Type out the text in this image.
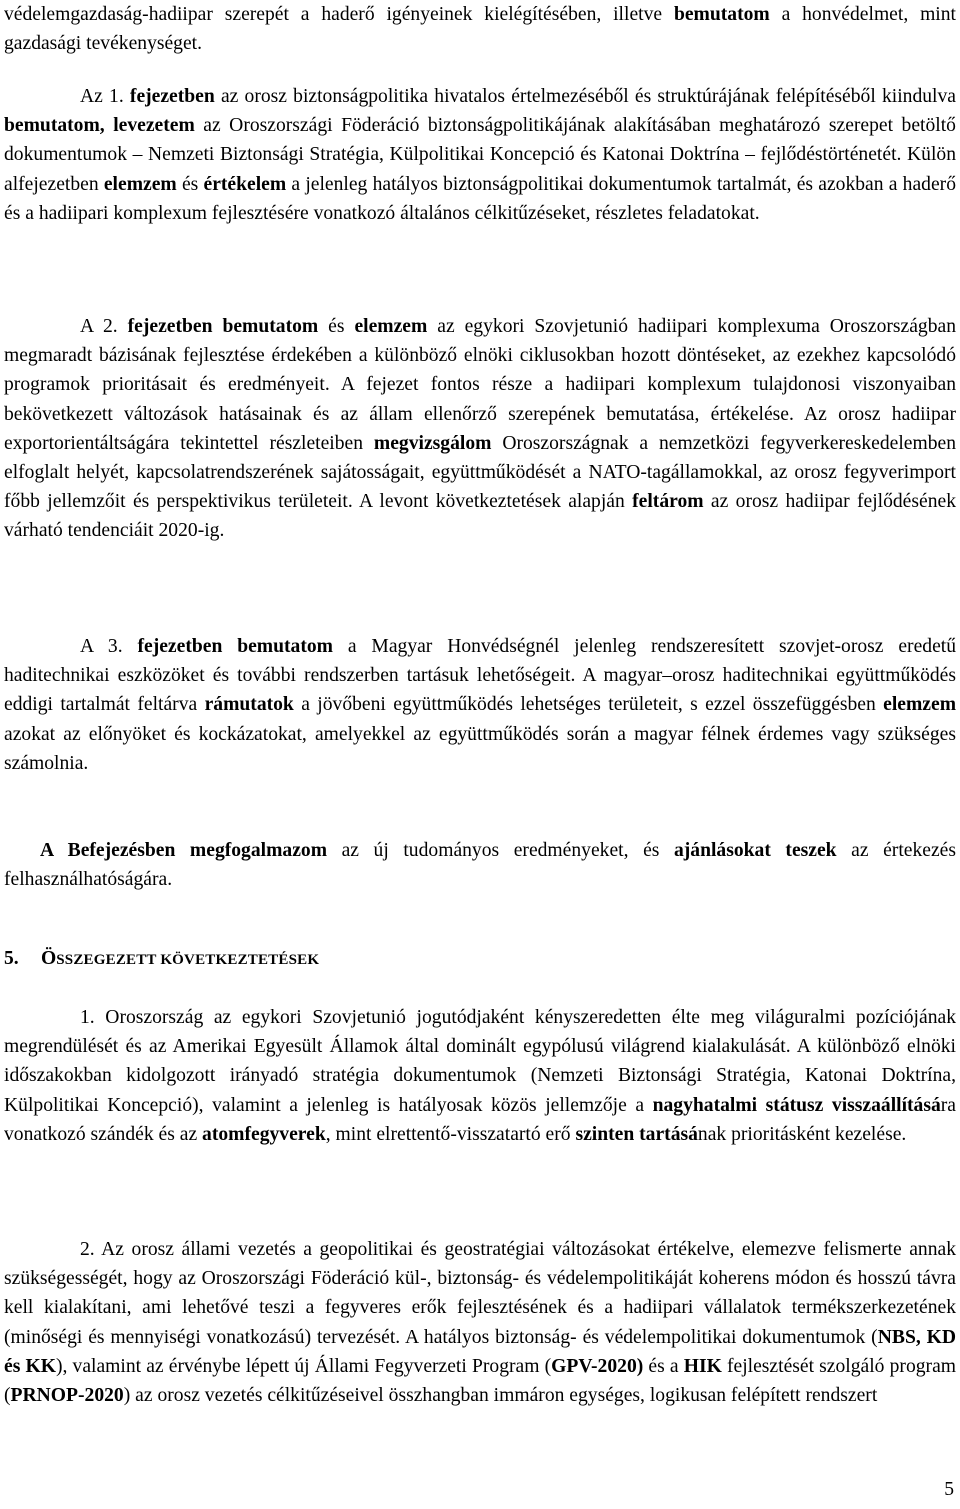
védelemgazdaság-hadiipar szerepét a haderő igényeinek kielégítésében, illetve bemutatom a honvédelmet, mint gazdasági tevékenységet.

Az 1. fejezetben az orosz biztonságpolitika hivatalos értelmezéséből és struktúrájának felépítéséből kiindulva bemutatom, levezetem az Oroszországi Föderáció biztonságpolitikájának alakításában meghatározó szerepet betöltő dokumentumok – Nemzeti Biztonsági Stratégia, Külpolitikai Koncepció és Katonai Doktrína – fejlődéstörténetét. Külön alfejezetben elemzem és értékelem a jelenleg hatályos biztonságpolitikai dokumentumok tartalmát, és azokban a haderő és a hadiipari komplexum fejlesztésére vonatkozó általános célkitűzéseket, részletes feladatokat.

A 2. fejezetben bemutatom és elemzem az egykori Szovjetunió hadiipari komplexuma Oroszországban megmaradt bázisának fejlesztése érdekében a különböző elnöki ciklusokban hozott döntéseket, az ezekhez kapcsolódó programok prioritásait és eredményeit. A fejezet fontos része a hadiipari komplexum tulajdonosi viszonyaiban bekövetkezett változások hatásainak és az állam ellenőrző szerepének bemutatása, értékelése. Az orosz hadiipar exportorientáltságára tekintettel részleteiben megvizsgálom Oroszországnak a nemzetközi fegyverkereskedelemben elfoglalt helyét, kapcsolatrendszerének sajátosságait, együttműködését a NATO-tagállamokkal, az orosz fegyverimport főbb jellemzőit és perspektivikus területeit. A levont következtetések alapján feltárom az orosz hadiipar fejlődésének várható tendenciáit 2020-ig.

A 3. fejezetben bemutatom a Magyar Honvédségnél jelenleg rendszeresített szovjet-orosz eredetű haditechnikai eszközöket és további rendszerben tartásuk lehetőségeit. A magyar–orosz haditechnikai együttműködés eddigi tartalmát feltárva rámutatok a jövőbeni együttműködés lehetséges területeit, s ezzel összefüggésben elemzem azokat az előnyöket és kockázatokat, amelyekkel az együttműködés során a magyar félnek érdemes vagy szükséges számolnia.

A Befejezésben megfogalmazom az új tudományos eredményeket, és ajánlásokat teszek az értekezés felhasználhatóságára.

5. ÖSSZEGEZETT KÖVETKEZTETÉSEK

1. Oroszország az egykori Szovjetunió jogutódjaként kényszeredetten élte meg világuralmi pozíciójának megrendülését és az Amerikai Egyesült Államok által dominált egypólusú világrend kialakulását. A különböző elnöki időszakokban kidolgozott irányadó stratégia dokumentumok (Nemzeti Biztonsági Stratégia, Katonai Doktrína, Külpolitikai Koncepció), valamint a jelenleg is hatályosak közös jellemzője a nagyhatalmi státusz visszaállítására vonatkozó szándék és az atomfegyverek, mint elrettentő-visszatartó erő szinten tartásának prioritásként kezelése.

2. Az orosz állami vezetés a geopolitikai és geostratégiai változásokat értékelve, elemezve felismerte annak szükségességét, hogy az Oroszországi Föderáció kül-, biztonság- és védelempolitikáját koherens módon és hosszú távra kell kialakítani, ami lehetővé teszi a fegyveres erők fejlesztésének és a hadiipari vállalatok termékszerkezetének (minőségi és mennyiségi vonatkozású) tervezését. A hatályos biztonság- és védelempolitikai dokumentumok (NBS, KD és KK), valamint az érvénybe lépett új Állami Fegyverzeti Program (GPV-2020) és a HIK fejlesztését szolgáló program (PRNOP-2020) az orosz vezetés célkitűzéseivel összhangban immáron egységes, logikusan felépített rendszert

5
